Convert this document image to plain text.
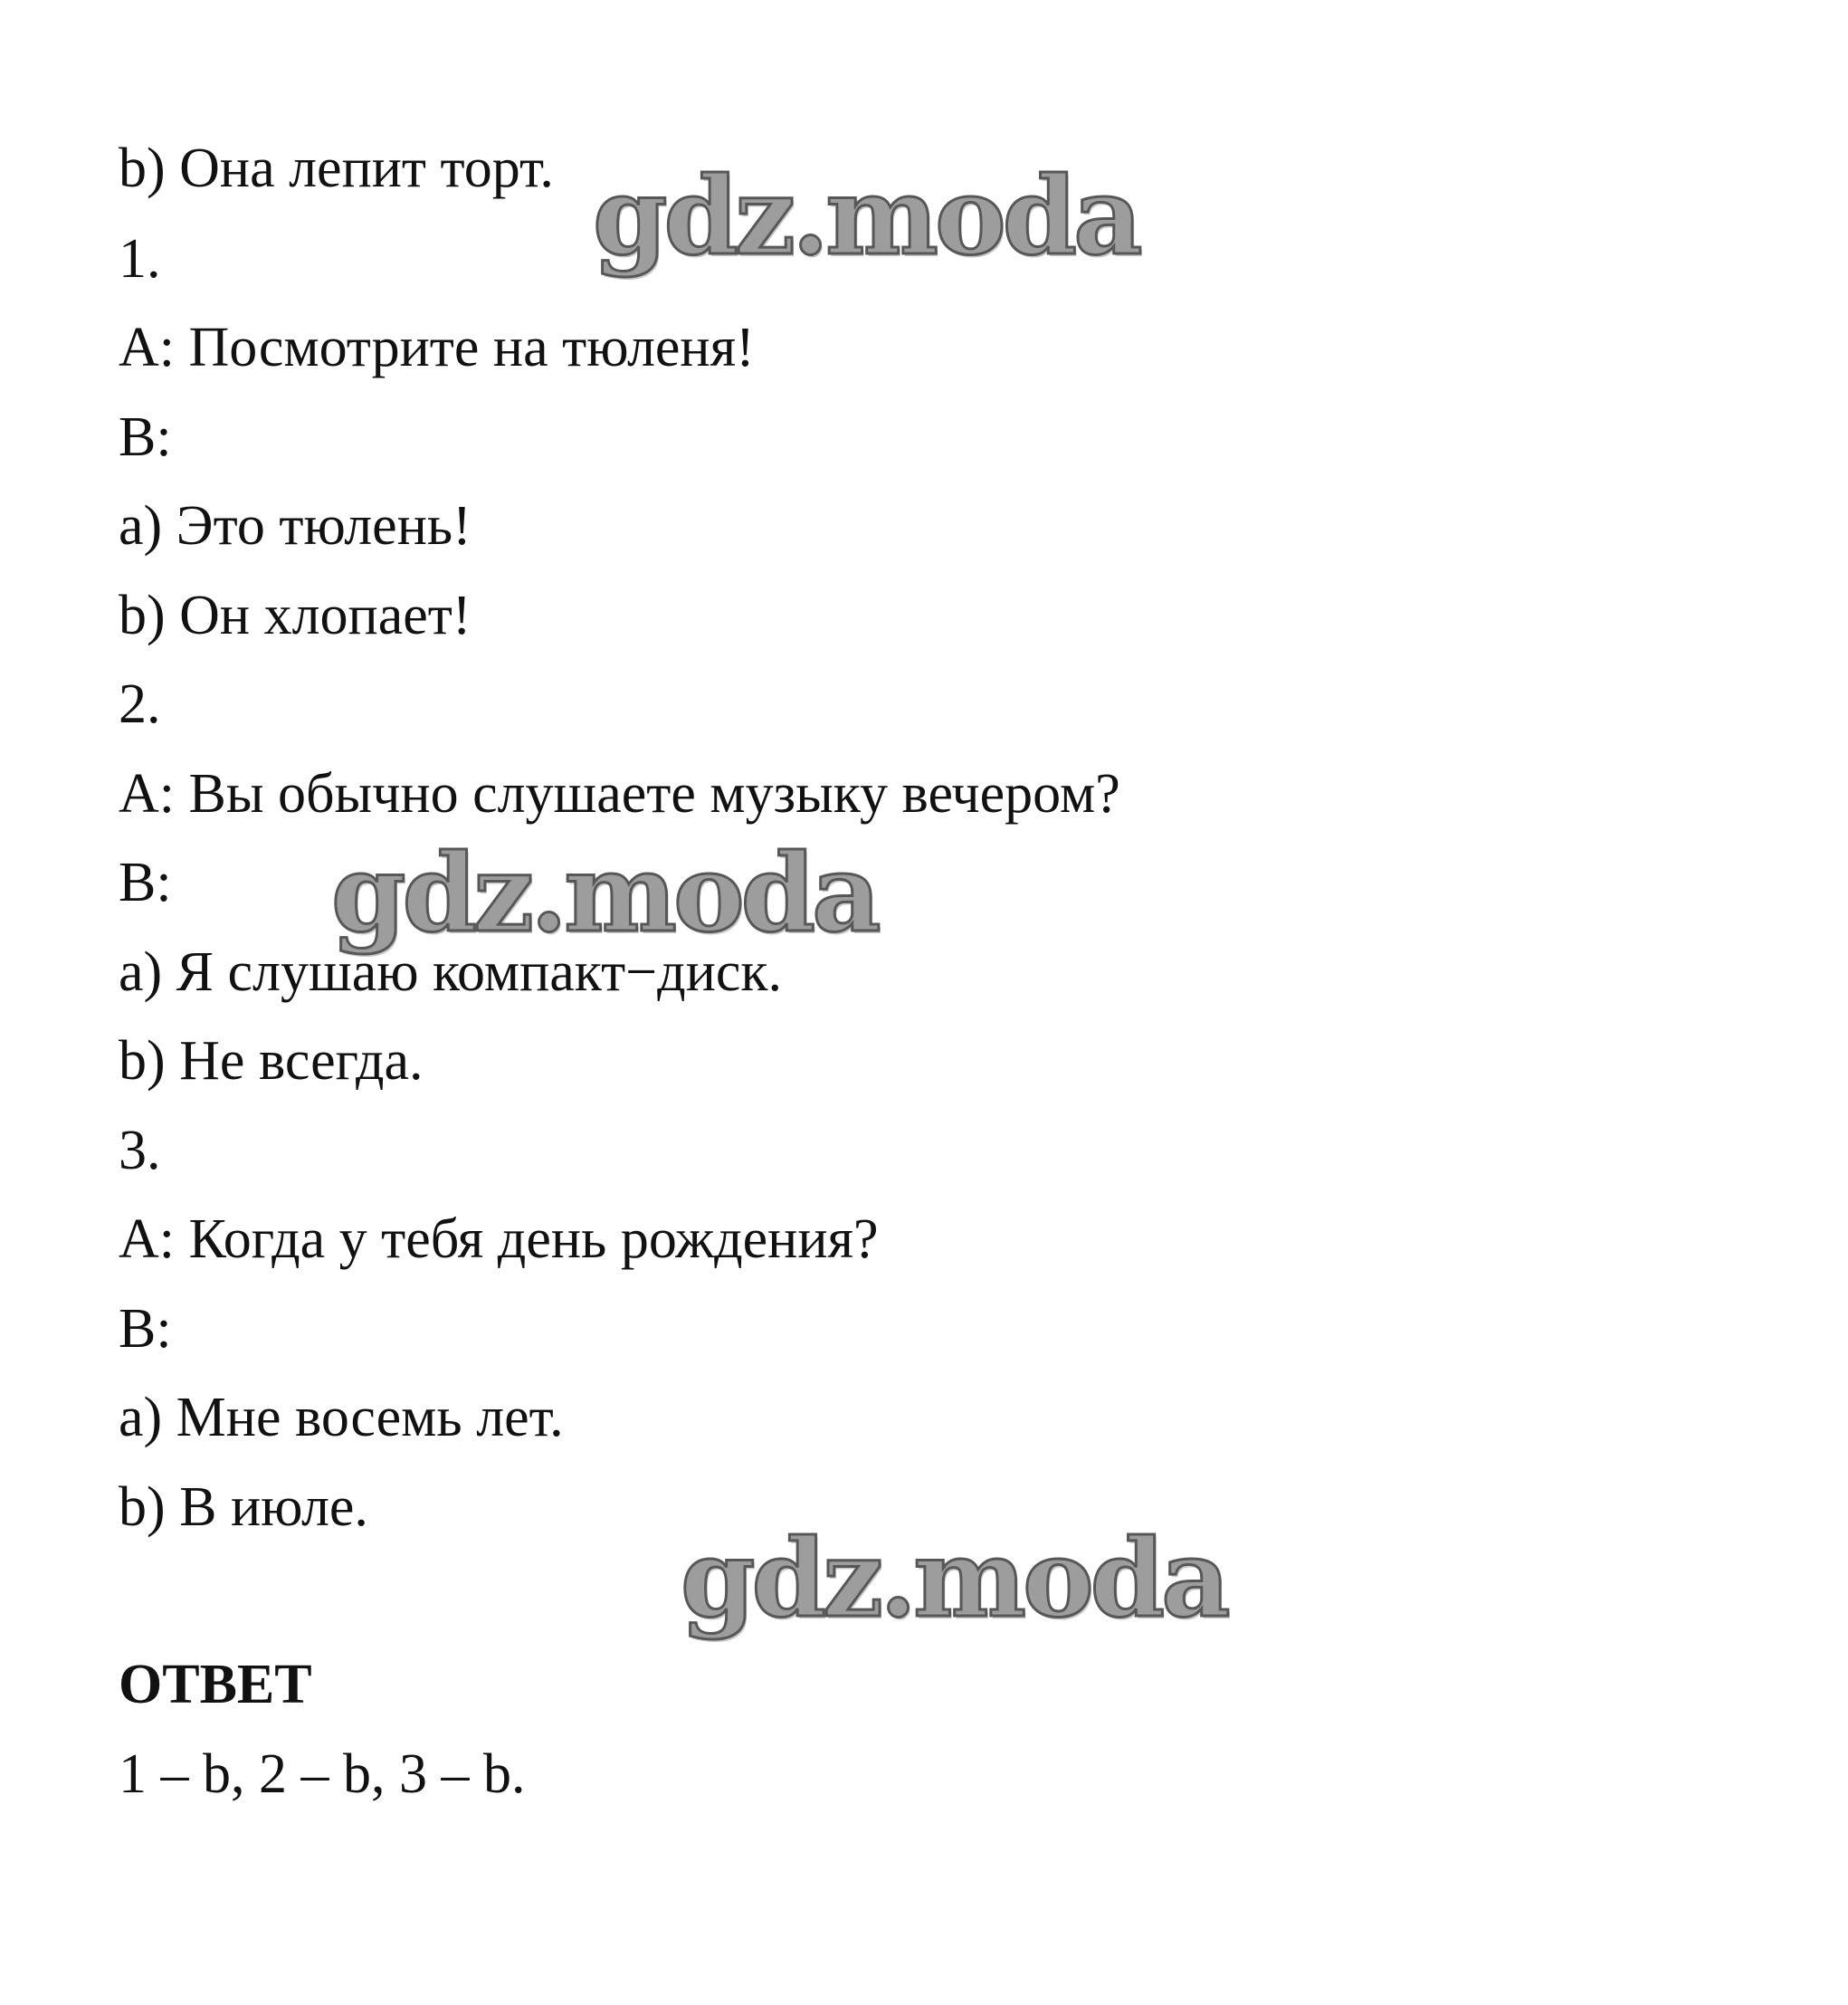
b) Она лепит торт.

1.

A: Посмотрите на тюленя!

B:

a) Это тюлень!

b) Он хлопает!

2.

A: Вы обычно слушаете музыку вечером?

B:

a) Я слушаю компакт−диск.

b) Не всегда.

3.

A: Когда у тебя день рождения?

B:

a) Мне восемь лет.

b) В июле.

ОТВЕТ

1 – b, 2 – b, 3 – b.

gdz.moda

gdz.moda

gdz.moda
